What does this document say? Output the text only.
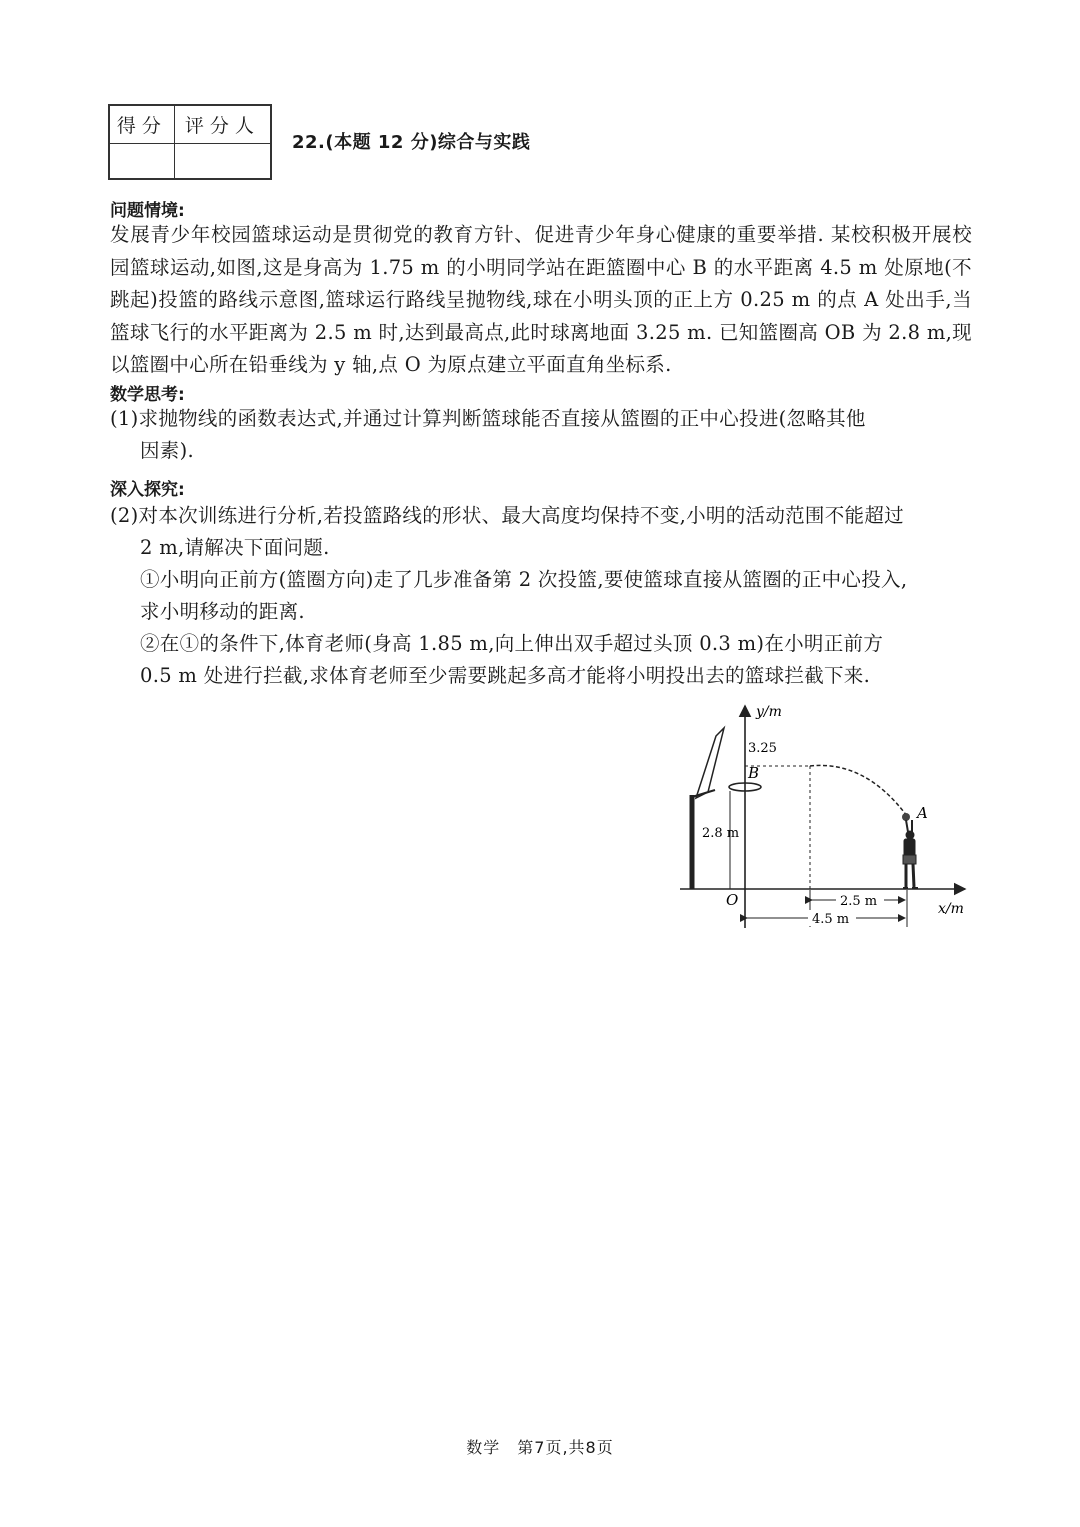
得分	评分人

22.(本题 12 分)综合与实践
问题情境:
发展青少年校园篮球运动是贯彻党的教育方针、促进青少年身心健康的重要举措. 某校积极开展校园篮球运动,如图,这是身高为 1.75 m 的小明同学站在距篮圈中心 B 的水平距离 4.5 m 处原地(不跳起)投篮的路线示意图,篮球运行路线呈抛物线,球在小明头顶的正上方 0.25 m 的点 A 处出手,当篮球飞行的水平距离为 2.5 m 时,达到最高点,此时球离地面 3.25 m. 已知篮圈高 OB 为 2.8 m,现以篮圈中心所在铅垂线为 y 轴,点 O 为原点建立平面直角坐标系.
数学思考:
(1)求抛物线的函数表达式,并通过计算判断篮球能否直接从篮圈的正中心投进(忽略其他
因素).
深入探究:
(2)对本次训练进行分析,若投篮路线的形状、最大高度均保持不变,小明的活动范围不能超过
2 m,请解决下面问题.
①小明向正前方(篮圈方向)走了几步准备第 2 次投篮,要使篮球直接从篮圈的正中心投入,
求小明移动的距离.
②在①的条件下,体育老师(身高 1.85 m,向上伸出双手超过头顶 0.3 m)在小明正前方
0.5 m 处进行拦截,求体育老师至少需要跳起多高才能将小明投出去的篮球拦截下来.
y/m
x/m
O
B
2.8 m
3.25
A
2.5 m
4.5 m
数学　第7页,共8页
